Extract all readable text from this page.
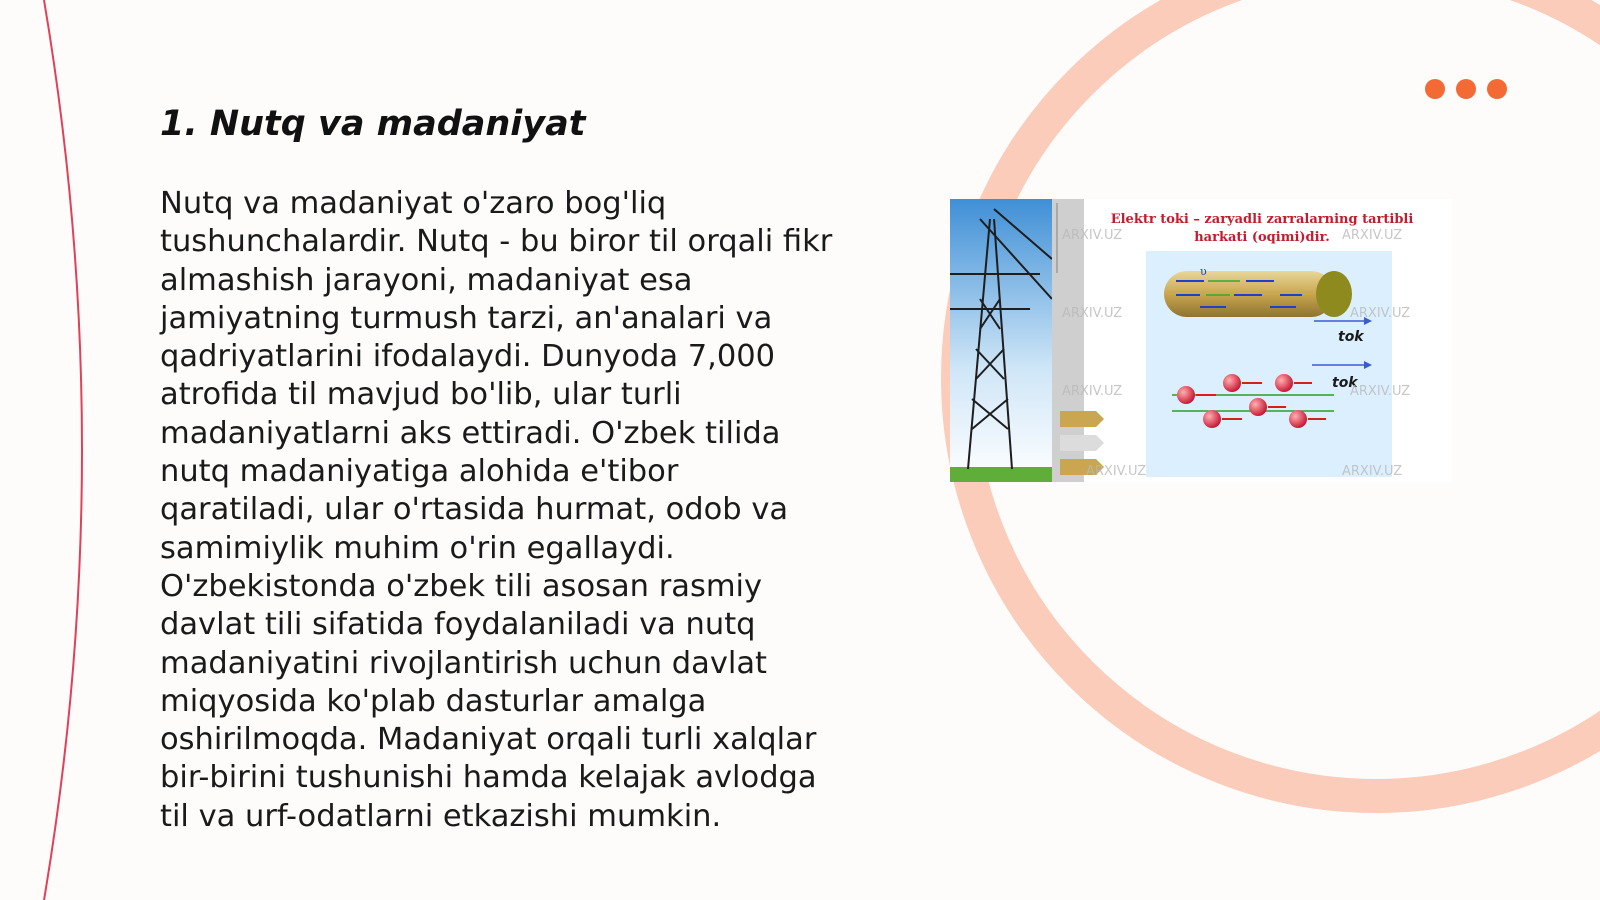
1. Nutq va madaniyat

Nutq va madaniyat o'zaro bog'liq tushunchalardir. Nutq - bu biror til orqali fikr almashish jarayoni, madaniyat esa jamiyatning turmush tarzi, an'analari va qadriyatlarini ifodalaydi. Dunyoda 7,000 atrofida til mavjud bo'lib, ular turli madaniyatlarni aks ettiradi. O'zbek tilida nutq madaniyatiga alohida e'tibor qaratiladi, ular o'rtasida hurmat, odob va samimiylik muhim o'rin egallaydi. O'zbekistonda o'zbek tili asosan rasmiy davlat tili sifatida foydalaniladi va nutq madaniyatini rivojlantirish uchun davlat miqyosida ko'plab dasturlar amalga oshirilmoqda. Madaniyat orqali turli xalqlar bir-birini tushunishi hamda kelajak avlodga til va urf-odatlarni etkazishi mumkin.

Elektr toki – zaryadli zarralarning tartibli
harkati (oqimi)dir.
υ
tok
tok
ARXIV.UZ	ARXIV.UZ
ARXIV.UZ	ARXIV.UZ
ARXIV.UZ	ARXIV.UZ
ARXIV.UZ	ARXIV.UZ
